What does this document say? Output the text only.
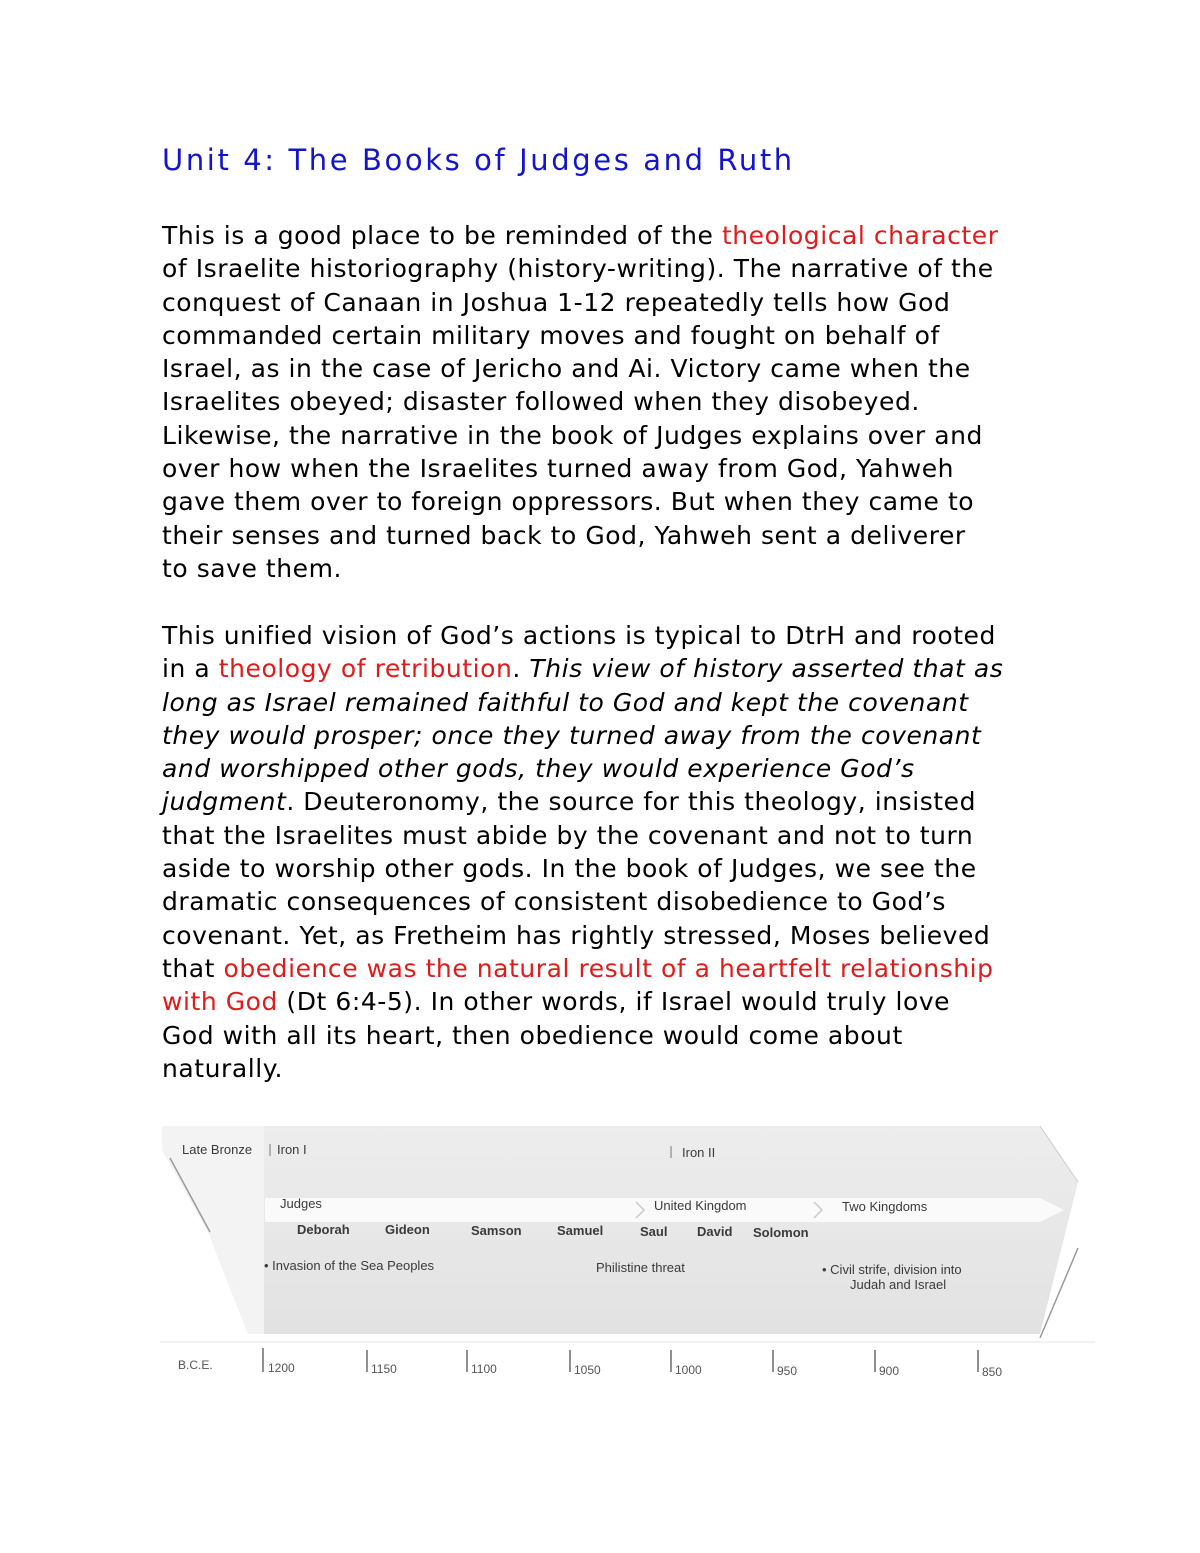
Unit 4: The Books of Judges and Ruth
This is a good place to be reminded of the theological character
of Israelite historiography (history-writing). The narrative of the
conquest of Canaan in Joshua 1-12 repeatedly tells how God
commanded certain military moves and fought on behalf of
Israel, as in the case of Jericho and Ai. Victory came when the
Israelites obeyed; disaster followed when they disobeyed.
Likewise, the narrative in the book of Judges explains over and
over how when the Israelites turned away from God, Yahweh
gave them over to foreign oppressors. But when they came to
their senses and turned back to God, Yahweh sent a deliverer
to save them.
This unified vision of God’s actions is typical to DtrH and rooted
in a theology of retribution. This view of history asserted that as
long as Israel remained faithful to God and kept the covenant
they would prosper; once they turned away from the covenant
and worshipped other gods, they would experience God’s
judgment. Deuteronomy, the source for this theology, insisted
that the Israelites must abide by the covenant and not to turn
aside to worship other gods. In the book of Judges, we see the
dramatic consequences of consistent disobedience to God’s
covenant. Yet, as Fretheim has rightly stressed, Moses believed
that obedience was the natural result of a heartfelt relationship
with God (Dt 6:4-5). In other words, if Israel would truly love
God with all its heart, then obedience would come about
naturally.
Late Bronze Iron I	Iron II
Judges	United Kingdom	Two Kingdoms
Deborah	Gideon	Samson	Samuel	Saul David Solomon
• Invasion of the Sea Peoples	Philistine threat	• Civil strife, division into
Judah and Israel
B.C.E.	1200	1150	1100	1050	1000	950	900	850
